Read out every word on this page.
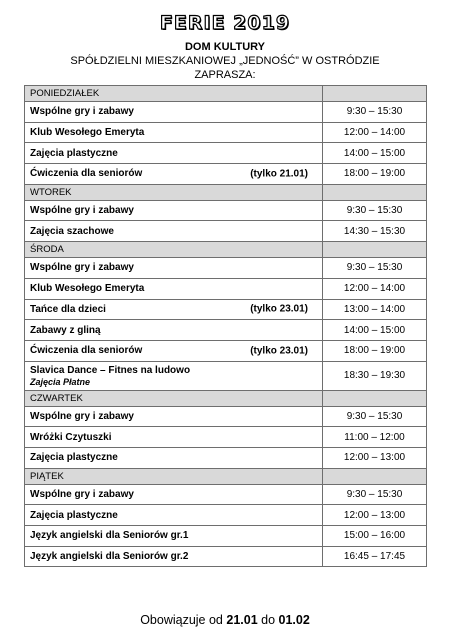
FERIE 2019
DOM KULTURY
SPÓŁDZIELNI MIESZKANIOWEJ „JEDNOŚĆ” W OSTRÓDZIE
ZAPRASZA:
PONIEDZIAŁEK	
Wspólne gry i zabawy	9:30 – 15:30
Klub Wesołego Emeryta	12:00 – 14:00
Zajęcia plastyczne	14:00 – 15:00
Ćwiczenia dla seniorów (tylko 21.01)	18:00 – 19:00
WTOREK	
Wspólne gry i zabawy	9:30 – 15:30
Zajęcia szachowe	14:30 – 15:30
ŚRODA	
Wspólne gry i zabawy	9:30 – 15:30
Klub Wesołego Emeryta	12:00 – 14:00
Tańce dla dzieci (tylko 23.01)	13:00 – 14:00
Zabawy z gliną	14:00 – 15:00
Ćwiczenia dla seniorów (tylko 23.01)	18:00 – 19:00
Slavica Dance – Fitnes na ludowo
Zajęcia Płatne	18:30 – 19:30
CZWARTEK	
Wspólne gry i zabawy	9:30 – 15:30
Wróżki Czytuszki	11:00 – 12:00
Zajęcia plastyczne	12:00 – 13:00
PIĄTEK	
Wspólne gry i zabawy	9:30 – 15:30
Zajęcia plastyczne	12:00 – 13:00
Język angielski dla Seniorów gr.1	15:00 – 16:00
Język angielski dla Seniorów gr.2	16:45 – 17:45
Obowiązuje od 21.01 do 01.02
